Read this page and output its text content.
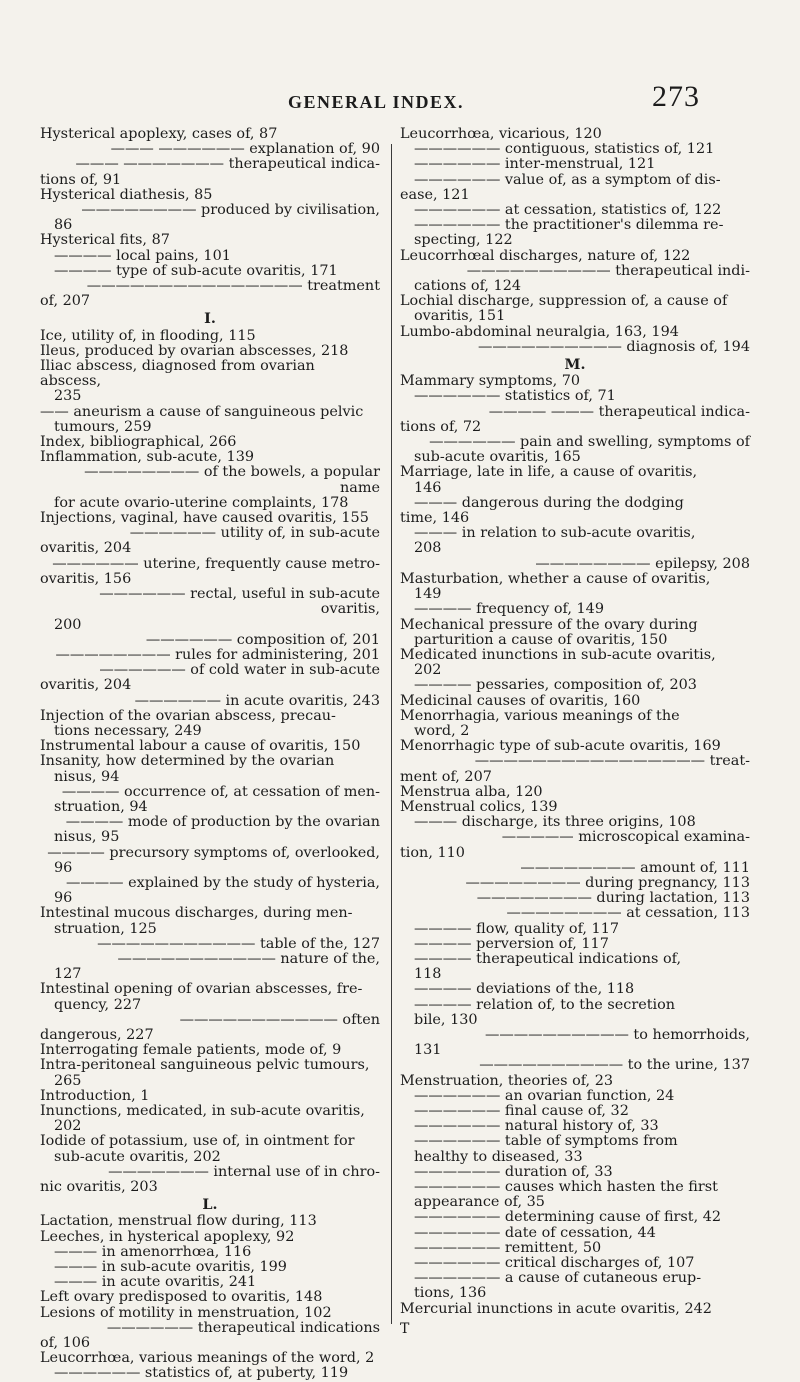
GENERAL INDEX.	273
Hysterical apoplexy, cases of, 87
——— —————— explanation of, 90
——— ——————— therapeutical indica-
tions of, 91
Hysterical diathesis, 85
———————— produced by civilisation,
86
Hysterical fits, 87
———— local pains, 101
———— type of sub-acute ovaritis, 171
——————————————— treatment
of, 207
I.
Ice, utility of, in flooding, 115
Ileus, produced by ovarian abscesses, 218
Iliac abscess, diagnosed from ovarian abscess,
235
—— aneurism a cause of sanguineous pelvic
tumours, 259
Index, bibliographical, 266
Inflammation, sub-acute, 139
———————— of the bowels, a popular name
for acute ovario-uterine complaints, 178
Injections, vaginal, have caused ovaritis, 155
—————— utility of, in sub-acute
ovaritis, 204
—————— uterine, frequently cause metro-
ovaritis, 156
—————— rectal, useful in sub-acute ovaritis,
200
—————— composition of, 201
———————— rules for administering, 201
—————— of cold water in sub-acute
ovaritis, 204
—————— in acute ovaritis, 243
Injection of the ovarian abscess, precau-
tions necessary, 249
Instrumental labour a cause of ovaritis, 150
Insanity, how determined by the ovarian
nisus, 94
———— occurrence of, at cessation of men-
struation, 94
———— mode of production by the ovarian
nisus, 95
———— precursory symptoms of, overlooked,
96
———— explained by the study of hysteria,
96
Intestinal mucous discharges, during men-
struation, 125
——————————— table of the, 127
——————————— nature of the,
127
Intestinal opening of ovarian abscesses, fre-
quency, 227
——————————— often
dangerous, 227
Interrogating female patients, mode of, 9
Intra-peritoneal sanguineous pelvic tumours,
265
Introduction, 1
Inunctions, medicated, in sub-acute ovaritis,
202
Iodide of potassium, use of, in ointment for
sub-acute ovaritis, 202
——————— internal use of in chro-
nic ovaritis, 203
L.
Lactation, menstrual flow during, 113
Leeches, in hysterical apoplexy, 92
——— in amenorrhœa, 116
——— in sub-acute ovaritis, 199
——— in acute ovaritis, 241
Left ovary predisposed to ovaritis, 148
Lesions of motility in menstruation, 102
—————— therapeutical indications
of, 106
Leucorrhœa, various meanings of the word, 2
—————— statistics of, at puberty, 119
Leucorrhœa, vicarious, 120
—————— contiguous, statistics of, 121
—————— inter-menstrual, 121
—————— value of, as a symptom of dis-
ease, 121
—————— at cessation, statistics of, 122
—————— the practitioner's dilemma re-
specting, 122
Leucorrhœal discharges, nature of, 122
—————————— therapeutical indi-
cations of, 124
Lochial discharge, suppression of, a cause of
ovaritis, 151
Lumbo-abdominal neuralgia, 163, 194
—————————— diagnosis of, 194
M.
Mammary symptoms, 70
—————— statistics of, 71
———— ——— therapeutical indica-
tions of, 72
—————— pain and swelling, symptoms of
sub-acute ovaritis, 165
Marriage, late in life, a cause of ovaritis,
146
——— dangerous during the dodging
time, 146
——— in relation to sub-acute ovaritis,
208
———————— epilepsy, 208
Masturbation, whether a cause of ovaritis,
149
———— frequency of, 149
Mechanical pressure of the ovary during
parturition a cause of ovaritis, 150
Medicated inunctions in sub-acute ovaritis,
202
———— pessaries, composition of, 203
Medicinal causes of ovaritis, 160
Menorrhagia, various meanings of the
word, 2
Menorrhagic type of sub-acute ovaritis, 169
———————————————— treat-
ment of, 207
Menstrua alba, 120
Menstrual colics, 139
——— discharge, its three origins, 108
————— microscopical examina-
tion, 110
———————— amount of, 111
———————— during pregnancy, 113
———————— during lactation, 113
———————— at cessation, 113
———— flow, quality of, 117
———— perversion of, 117
———— therapeutical indications of,
118
———— deviations of the, 118
———— relation of, to the secretion
bile, 130
—————————— to hemorrhoids,
131
—————————— to the urine, 137
Menstruation, theories of, 23
—————— an ovarian function, 24
—————— final cause of, 32
—————— natural history of, 33
—————— table of symptoms from
healthy to diseased, 33
—————— duration of, 33
—————— causes which hasten the first
appearance of, 35
—————— determining cause of first, 42
—————— date of cessation, 44
—————— remittent, 50
—————— critical discharges of, 107
—————— a cause of cutaneous erup-
tions, 136
Mercurial inunctions in acute ovaritis, 242
T
